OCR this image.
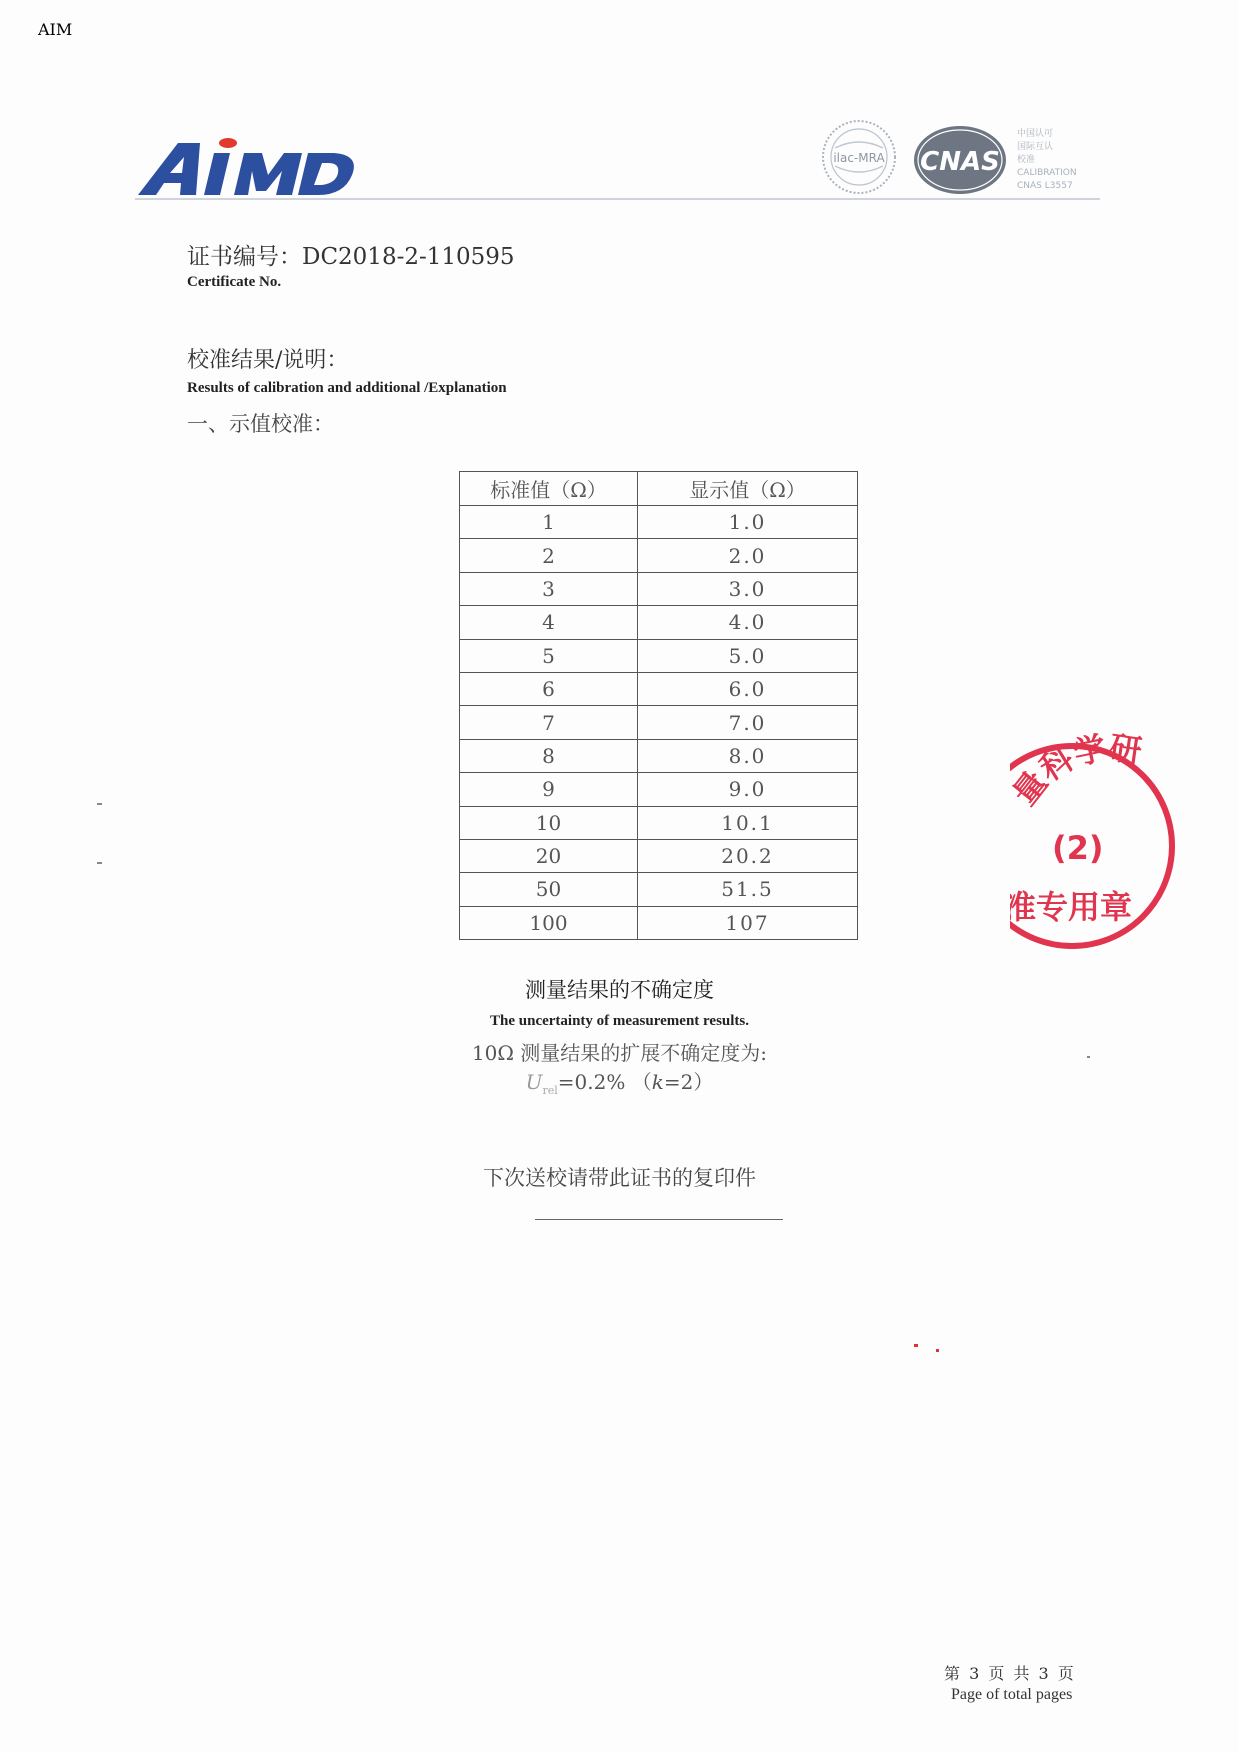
AIM
ilac-MRA CNAS
中国认可
国际互认
校准
CALIBRATION
CNAS L3557
证书编号：DC2018-2-110595
Certificate No.
校准结果/说明：
Results of calibration and additional /Explanation
一、示值校准：
标准值（Ω）	显示值（Ω）
1	1.0
2	2.0
3	3.0
4	4.0
5	5.0
6	6.0
7	7.0
8	8.0
9	9.0
10	10.1
20	20.2
50	51.5
100	107
测量结果的不确定度
The uncertainty of measurement results.
10Ω 测量结果的扩展不确定度为:
$U_{rel}=0.2\%$ （k=2）
下次送校请带此证书的复印件
量科学研
(2)
准专用章
第 3 页 共 3 页
Page of total pages
